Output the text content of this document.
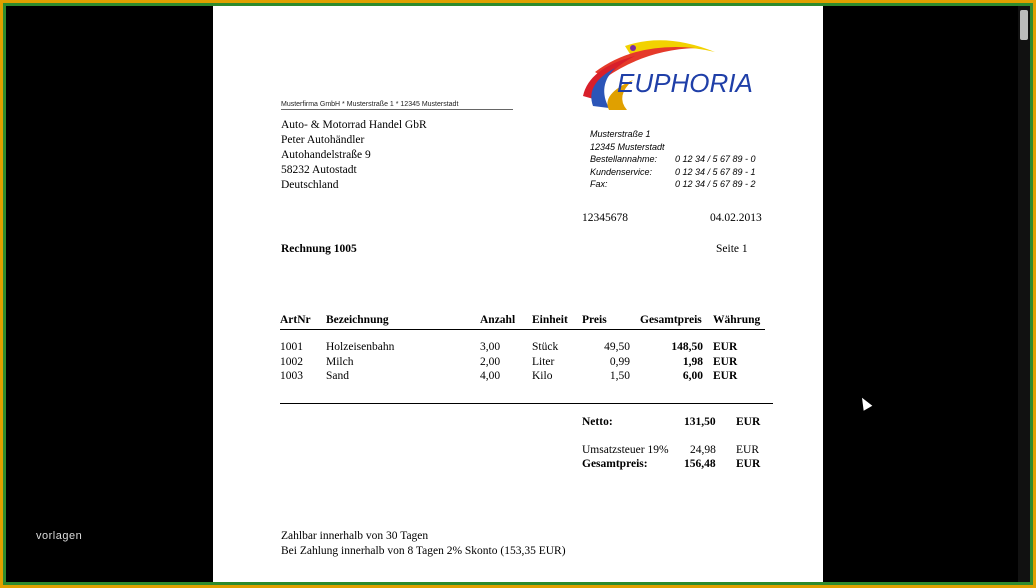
Musterfirma GmbH * Musterstraße 1 * 12345 Musterstadt
Auto- & Motorrad Handel GbR
Peter Autohändler
Autohandelstraße 9
58232 Autostadt
Deutschland
EUPHORIA
Musterstraße 1
12345 Musterstadt
Bestellannahme: 0 12 34 / 5 67 89 - 0
Kundenservice:	0 12 34 / 5 67 89 - 1
Fax:	0 12 34 / 5 67 89 - 2
12345678	04.02.2013
Rechnung 1005	Seite 1
ArtNr	Bezeichnung	Anzahl	Einheit	Preis	Gesamtpreis	Währung
1001	Holzeisenbahn	3,00	Stück	49,50	148,50	EUR
1002	Milch	2,00	Liter	0,99	1,98	EUR
1003	Sand	4,00	Kilo	1,50	6,00	EUR
Netto:	131,50 EUR
Umsatzsteuer 19% 24,98 EUR
Gesamtpreis:	156,48 EUR
Zahlbar innerhalb von 30 Tagen
Bei Zahlung innerhalb von 8 Tagen 2% Skonto (153,35 EUR)
vorlagen
